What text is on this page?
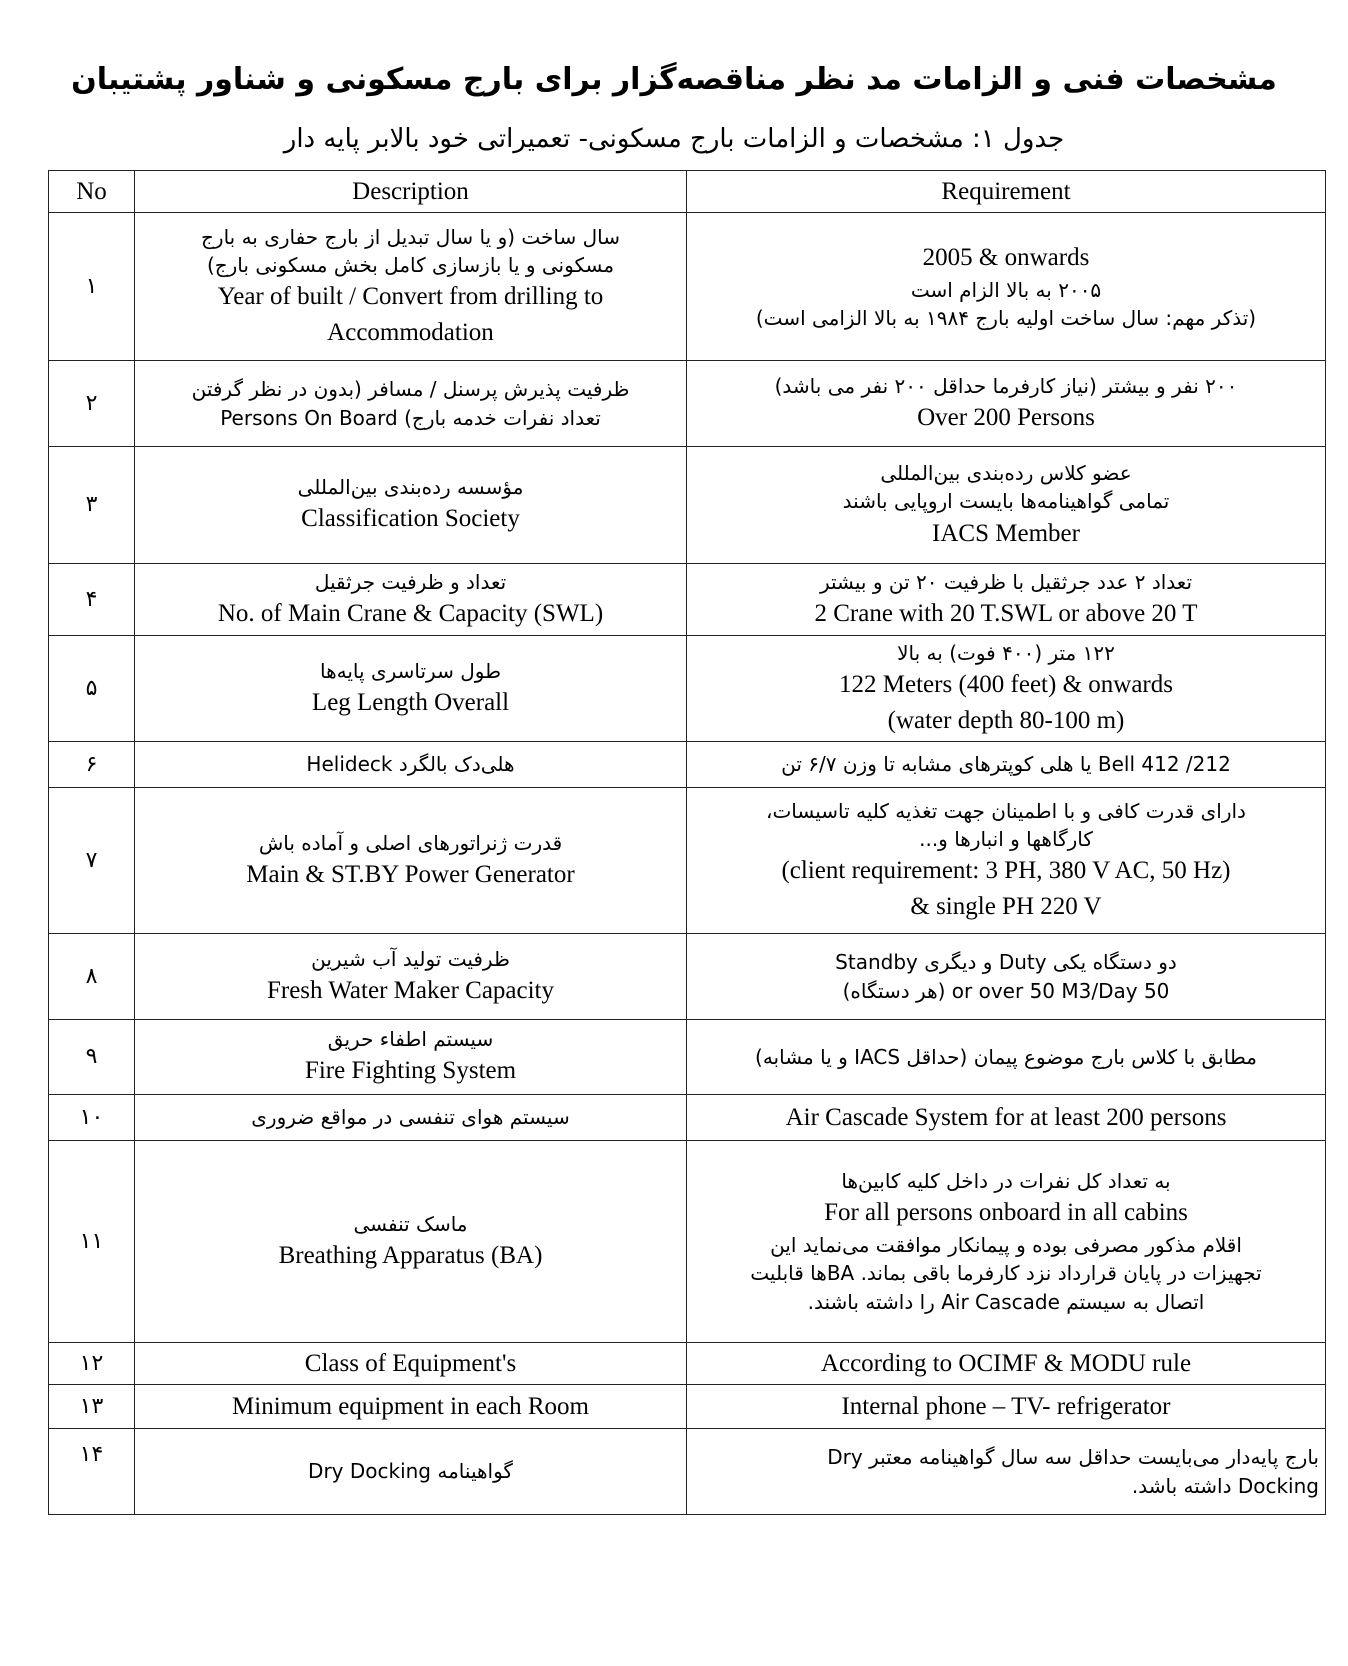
مشخصات فنی و الزامات مد نظر مناقصه‌گزار برای بارج مسکونی و شناور پشتیبان
جدول ۱: مشخصات و الزامات بارج مسکونی- تعمیراتی خود بالابر پایه دار
No	Description	Requirement

۱	سال ساخت (و یا سال تبدیل از بارج حفاری به بارج
مسکونی و یا بازسازی کامل بخش مسکونی بارج)
Year of built / Convert from drilling to
Accommodation	2005 & onwards
۲۰۰۵ به بالا الزام است
(تذکر مهم: سال ساخت اولیه بارج ۱۹۸۴ به بالا الزامی است)

۲	ظرفیت پذیرش پرسنل / مسافر (بدون در نظر گرفتن
تعداد نفرات خدمه بارج) Persons On Board	۲۰۰ نفر و بیشتر (نیاز کارفرما حداقل ۲۰۰ نفر می باشد)
Over 200 Persons

۳	مؤسسه رده‌بندی بین‌المللی
Classification Society	عضو کلاس رده‌بندی بین‌المللی
تمامی گواهینامه‌ها بایست اروپایی باشند
IACS Member

۴	تعداد و ظرفیت جرثقیل
No. of Main Crane & Capacity (SWL)	تعداد ۲ عدد جرثقیل با ظرفیت ۲۰ تن و بیشتر
2 Crane with 20 T.SWL or above 20 T

۵	طول سرتاسری پایه‌ها
Leg Length Overall	۱۲۲ متر (۴۰۰ فوت) به بالا
122 Meters (400 feet) & onwards
(water depth 80-100 m)

۶	هلی‌دک بالگرد Helideck	Bell 412 /212 یا هلی کوپترهای مشابه تا وزن ۶/۷ تن

۷	قدرت ژنراتورهای اصلی و آماده باش
Main & ST.BY Power Generator	دارای قدرت کافی و با اطمینان جهت تغذیه کلیه تاسیسات،
کارگاهها و انبارها و...
(client requirement: 3 PH, 380 V AC, 50 Hz)
& single PH 220 V

۸	ظرفیت تولید آب شیرین
Fresh Water Maker Capacity	دو دستگاه یکی Duty و دیگری Standby
50 or over 50 M3/Day (هر دستگاه)

۹	سیستم اطفاء حریق
Fire Fighting System	مطابق با کلاس بارج موضوع پیمان (حداقل IACS و یا مشابه)

۱۰	سیستم هوای تنفسی در مواقع ضروری	Air Cascade System for at least 200 persons

۱۱	ماسک تنفسی
Breathing Apparatus (BA)	به تعداد کل نفرات در داخل کلیه کابین‌ها
For all persons onboard in all cabins
اقلام مذکور مصرفی بوده و پیمانکار موافقت می‌نماید این
تجهیزات در پایان قرارداد نزد کارفرما باقی بماند. BAها قابلیت
اتصال به سیستم Air Cascade را داشته باشند.

۱۲	Class of Equipment's	According to OCIMF & MODU rule

۱۳	Minimum equipment in each Room	Internal phone – TV- refrigerator

۱۴	گواهینامه Dry Docking	بارج پایه‌دار می‌بایست حداقل سه سال گواهینامه معتبر Dry
Docking داشته باشد.
